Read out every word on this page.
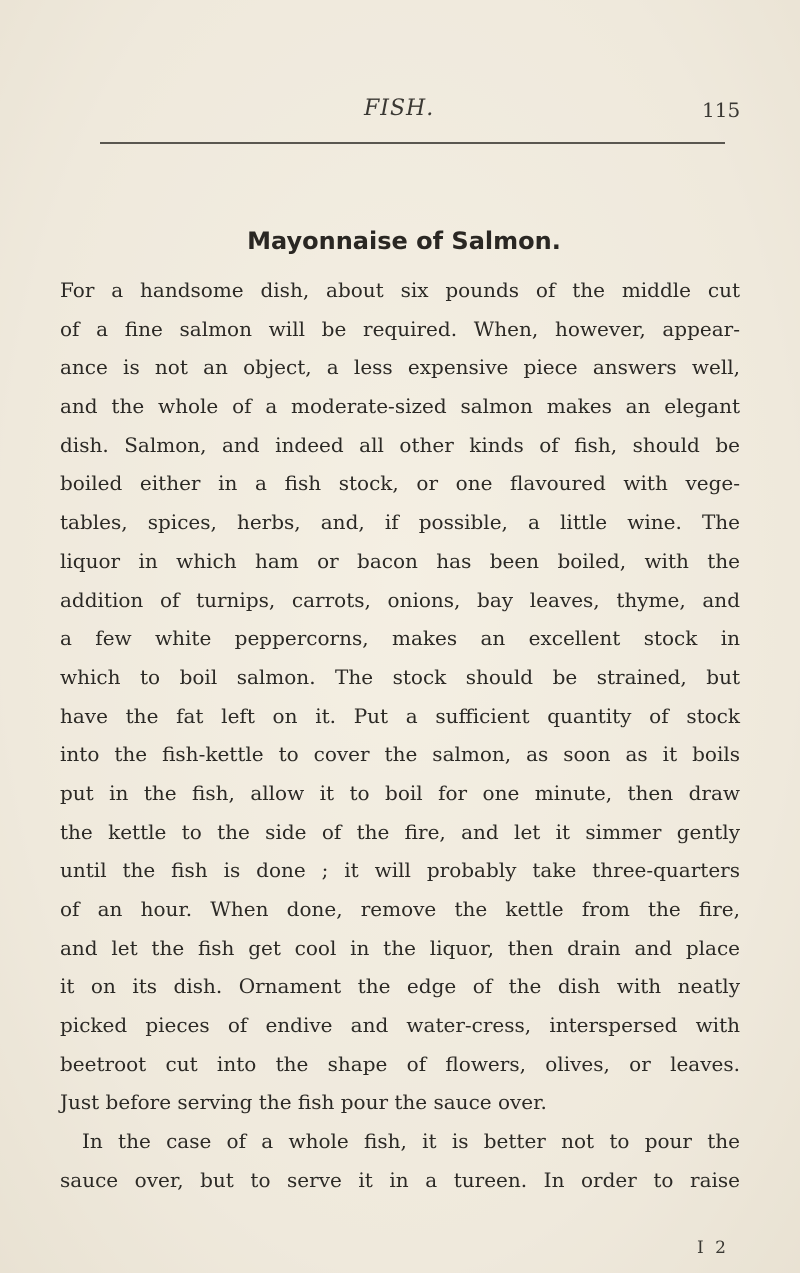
FISH.	115
Mayonnaise of Salmon.
For a handsome dish, about six pounds of the middle cut
of a fine salmon will be required. When, however, appear-
ance is not an object, a less expensive piece answers well,
and the whole of a moderate-sized salmon makes an elegant
dish. Salmon, and indeed all other kinds of fish, should be
boiled either in a fish stock, or one flavoured with vege-
tables, spices, herbs, and, if possible, a little wine. The
liquor in which ham or bacon has been boiled, with the
addition of turnips, carrots, onions, bay leaves, thyme, and
a few white peppercorns, makes an excellent stock in
which to boil salmon. The stock should be strained, but
have the fat left on it. Put a sufficient quantity of stock
into the fish-kettle to cover the salmon, as soon as it boils
put in the fish, allow it to boil for one minute, then draw
the kettle to the side of the fire, and let it simmer gently
until the fish is done ; it will probably take three-quarters
of an hour. When done, remove the kettle from the fire,
and let the fish get cool in the liquor, then drain and place
it on its dish. Ornament the edge of the dish with neatly
picked pieces of endive and water-cress, interspersed with
beetroot cut into the shape of flowers, olives, or leaves.
Just before serving the fish pour the sauce over.
In the case of a whole fish, it is better not to pour the
sauce over, but to serve it in a tureen. In order to raise
I 2
